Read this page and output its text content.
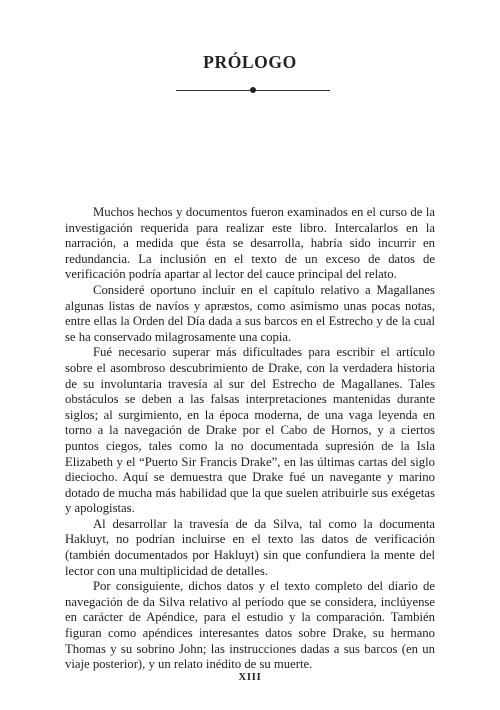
PRÓLOGO

Muchos hechos y documentos fueron examinados en el curso de la investigación requerida para realizar este libro. Intercalarlos en la narración, a medida que ésta se desarrolla, habría sido incurrir en redundancia. La inclusión en el texto de un exceso de datos de verificación podría apartar al lector del cauce principal del relato.

Consideré oportuno incluir en el capítulo relativo a Magallanes algunas listas de navíos y apræstos, como asimismo unas pocas notas, entre ellas la Orden del Día dada a sus barcos en el Estrecho y de la cual se ha conservado milagrosamente una copia.

Fué necesario superar más dificultades para escribir el artículo sobre el asombroso descubrimiento de Drake, con la verdadera historia de su involuntaria travesía al sur del Estrecho de Magallanes. Tales obstáculos se deben a las falsas interpretaciones mantenidas durante siglos; al surgimiento, en la época moderna, de una vaga leyenda en torno a la navegación de Drake por el Cabo de Hornos, y a ciertos puntos ciegos, tales como la no documentada supresión de la Isla Elizabeth y el “Puerto Sir Francis Drake”, en las últimas cartas del siglo dieciocho. Aquí se demuestra que Drake fué un navegante y marino dotado de mucha más habilidad que la que suelen atribuirle sus exégetas y apologistas.

Al desarrollar la travesía de da Silva, tal como la documenta Hakluyt, no podrían incluirse en el texto las datos de verificación (también documentados por Hakluyt) sin que confundiera la mente del lector con una multiplicidad de detalles.

Por consiguiente, dichos datos y el texto completo del diario de navegación de da Silva relativo al período que se considera, inclúyense en carácter de Apéndice, para el estudio y la comparación. También figuran como apéndices interesantes datos sobre Drake, su hermano Thomas y su sobrino John; las instrucciones dadas a sus barcos (en un viaje posterior), y un relato inédito de su muerte.

XIII
